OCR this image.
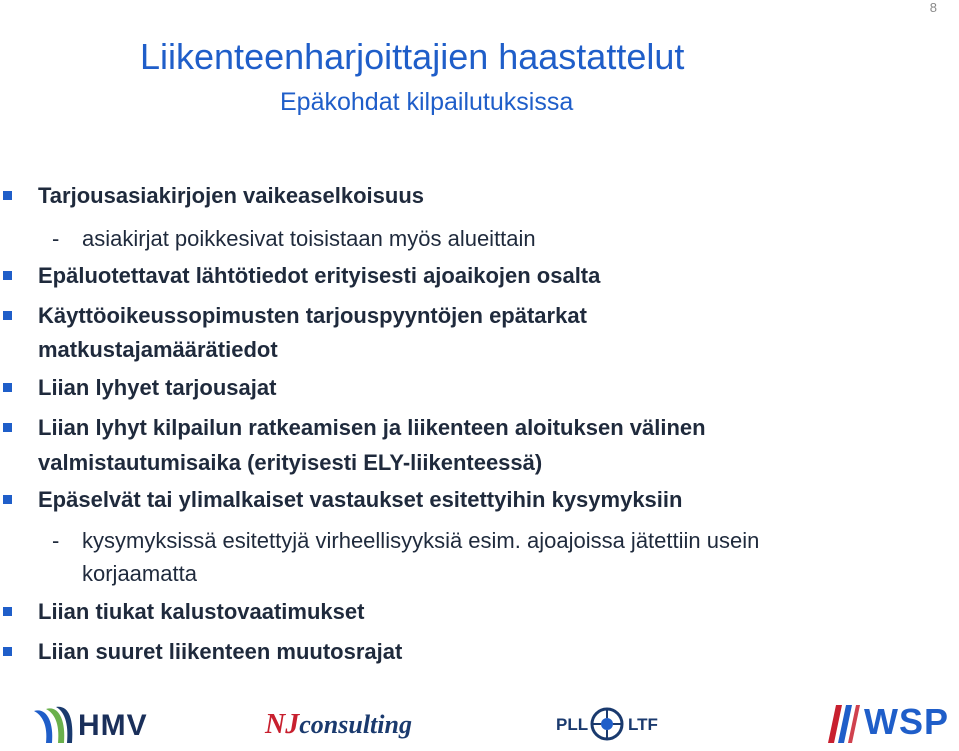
8
Liikenteenharjoittajien haastattelut
Epäkohdat kilpailutuksissa
Tarjousasiakirjojen vaikeaselkoisuus
- asiakirjat poikkesivat toisistaan myös alueittain
Epäluotettavat lähtötiedot erityisesti ajoaikojen osalta
Käyttöoikeussopimusten tarjouspyyntöjen epätarkat
matkustajamäärätiedot
Liian lyhyet tarjousajat
Liian lyhyt kilpailun ratkeamisen ja liikenteen aloituksen välinen
valmistautumisaika (erityisesti ELY-liikenteessä)
Epäselvät tai ylimalkaiset vastaukset esitettyihin kysymyksiin
- kysymyksissä esitettyjä virheellisyyksiä esim. ajoajoissa jätettiin usein
korjaamatta
Liian tiukat kalustovaatimukset
Liian suuret liikenteen muutosrajat
HMV	NJconsulting	PLL LTF	WSP
